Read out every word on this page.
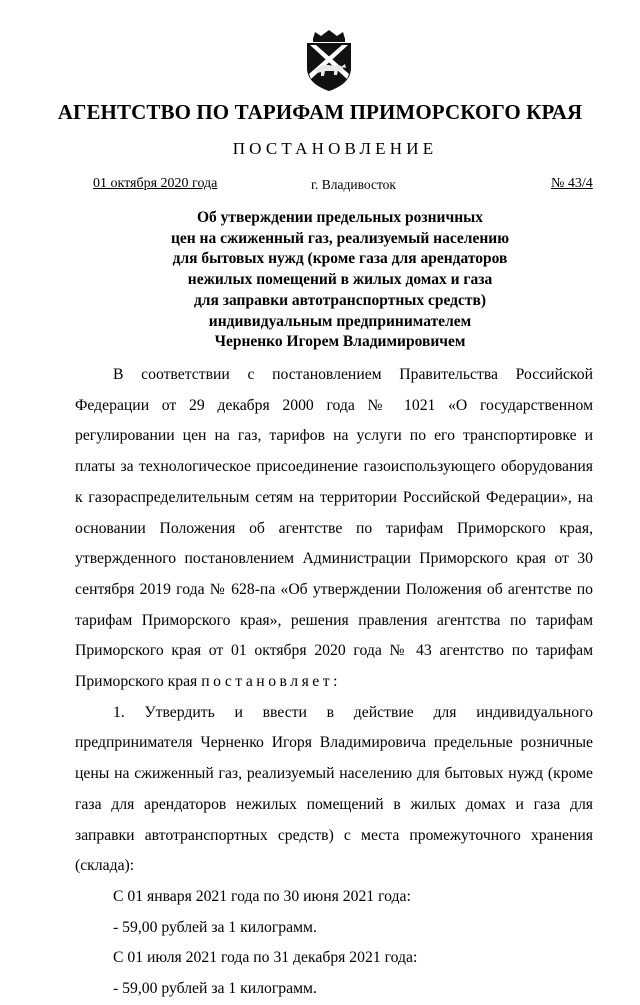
АГЕНТСТВО ПО ТАРИФАМ ПРИМОРСКОГО КРАЯ
ПОСТАНОВЛЕНИЕ
01 октября 2020 года	г. Владивосток	№ 43/4
Об утверждении предельных розничных
цен на сжиженный газ, реализуемый населению
для бытовых нужд (кроме газа для арендаторов
нежилых помещений в жилых домах и газа
для заправки автотранспортных средств)
индивидуальным предпринимателем
Черненко Игорем Владимировичем

В соответствии с постановлением Правительства Российской Федерации от 29 декабря 2000 года № 1021 «О государственном регулировании цен на газ, тарифов на услуги по его транспортировке и платы за технологическое присоединение газоиспользующего оборудования к газораспределительным сетям на территории Российской Федерации», на основании Положения об агентстве по тарифам Приморского края, утвержденного постановлением Администрации Приморского края от 30 сентября 2019 года № 628-па «Об утверждении Положения об агентстве по тарифам Приморского края», решения правления агентства по тарифам Приморского края от 01 октября 2020 года № 43 агентство по тарифам Приморского края постановляет:

1. Утвердить и ввести в действие для индивидуального предпринимателя Черненко Игоря Владимировича предельные розничные цены на сжиженный газ, реализуемый населению для бытовых нужд (кроме газа для арендаторов нежилых помещений в жилых домах и газа для заправки автотранспортных средств) с места промежуточного хранения (склада):

С 01 января 2021 года по 30 июня 2021 года:

- 59,00 рублей за 1 килограмм.

С 01 июля 2021 года по 31 декабря 2021 года:

- 59,00 рублей за 1 килограмм.
